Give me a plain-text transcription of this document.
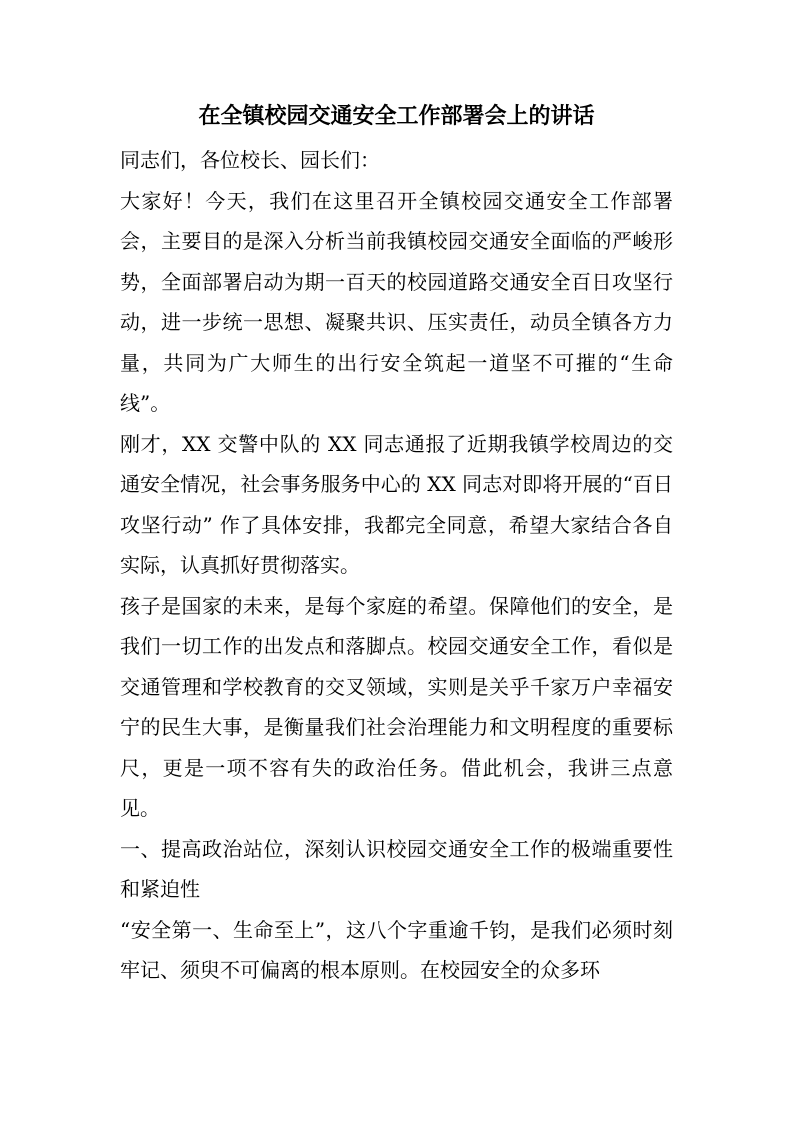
在全镇校园交通安全工作部署会上的讲话

同志们，各位校长、园长们：

大家好！今天，我们在这里召开全镇校园交通安全工作部署会，主要目的是深入分析当前我镇校园交通安全面临的严峻形势，全面部署启动为期一百天的校园道路交通安全百日攻坚行动，进一步统一思想、凝聚共识、压实责任，动员全镇各方力量，共同为广大师生的出行安全筑起一道坚不可摧的“生命线”。

刚才，XX 交警中队的 XX 同志通报了近期我镇学校周边的交通安全情况，社会事务服务中心的 XX 同志对即将开展的“百日攻坚行动” 作了具体安排，我都完全同意，希望大家结合各自实际，认真抓好贯彻落实。

孩子是国家的未来，是每个家庭的希望。保障他们的安全，是我们一切工作的出发点和落脚点。校园交通安全工作，看似是交通管理和学校教育的交叉领域，实则是关乎千家万户幸福安宁的民生大事，是衡量我们社会治理能力和文明程度的重要标尺，更是一项不容有失的政治任务。借此机会，我讲三点意见。

一、提高政治站位，深刻认识校园交通安全工作的极端重要性和紧迫性

“安全第一、生命至上”，这八个字重逾千钧，是我们必须时刻牢记、须臾不可偏离的根本原则。在校园安全的众多环
